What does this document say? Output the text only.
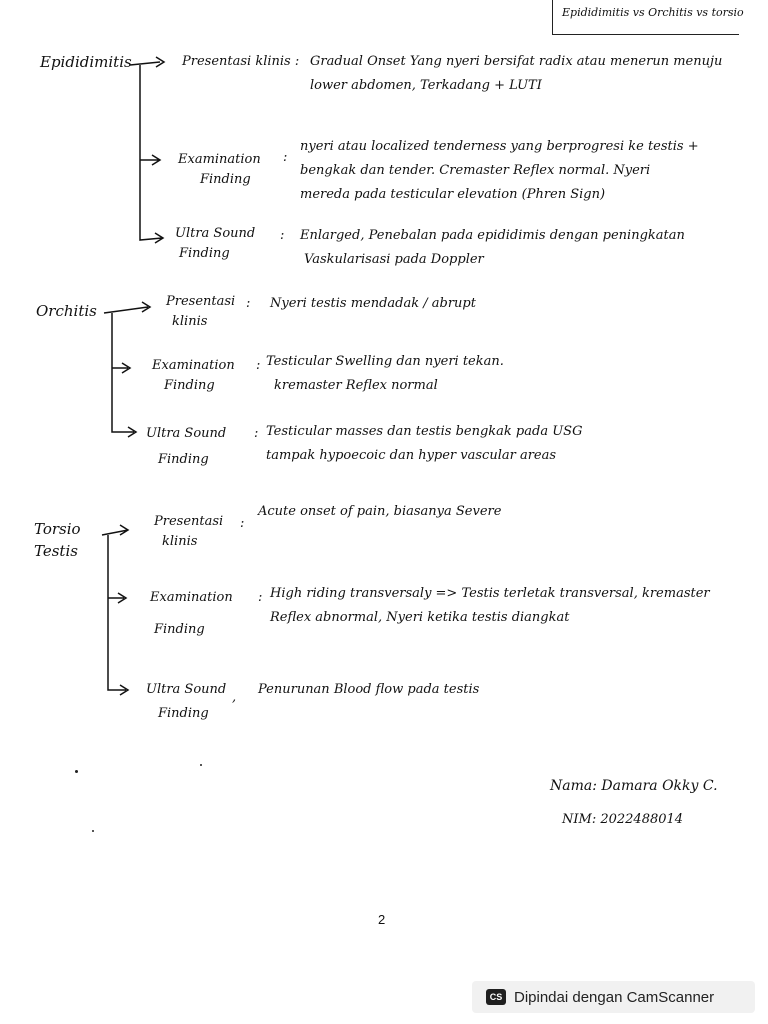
Epididimitis vs Orchitis vs torsio
Epididimitis	Presentasi klinis : Gradual Onset Yang nyeri bersifat radix atau menerun menuju
lower abdomen, Terkadang + LUTI
Examination
Finding
:
nyeri atau localized tenderness yang berprogresi ke testis +
bengkak dan tender. Cremaster Reflex normal. Nyeri
mereda pada testicular elevation (Phren Sign)
Ultra Sound
Finding
: Enlarged, Penebalan pada epididimis dengan peningkatan
Vaskularisasi pada Doppler
Orchitis
Presentasi
klinis
: Nyeri testis mendadak / abrupt
Examination
Finding
: Testicular Swelling dan nyeri tekan.
kremaster Reflex normal
Ultra Sound
Finding
: Testicular masses dan testis bengkak pada USG
tampak hypoecoic dan hyper vascular areas
Torsio Testis
Presentasi
klinis
:
Acute onset of pain, biasanya Severe
Examination
Finding
: High riding transversaly => Testis terletak transversal, kremaster
Reflex abnormal, Nyeri ketika testis diangkat
Ultra Sound
Finding
,
Penurunan Blood flow pada testis
Nama: Damara Okky C.
NIM: 2022488014
2
CS Dipindai dengan CamScanner
